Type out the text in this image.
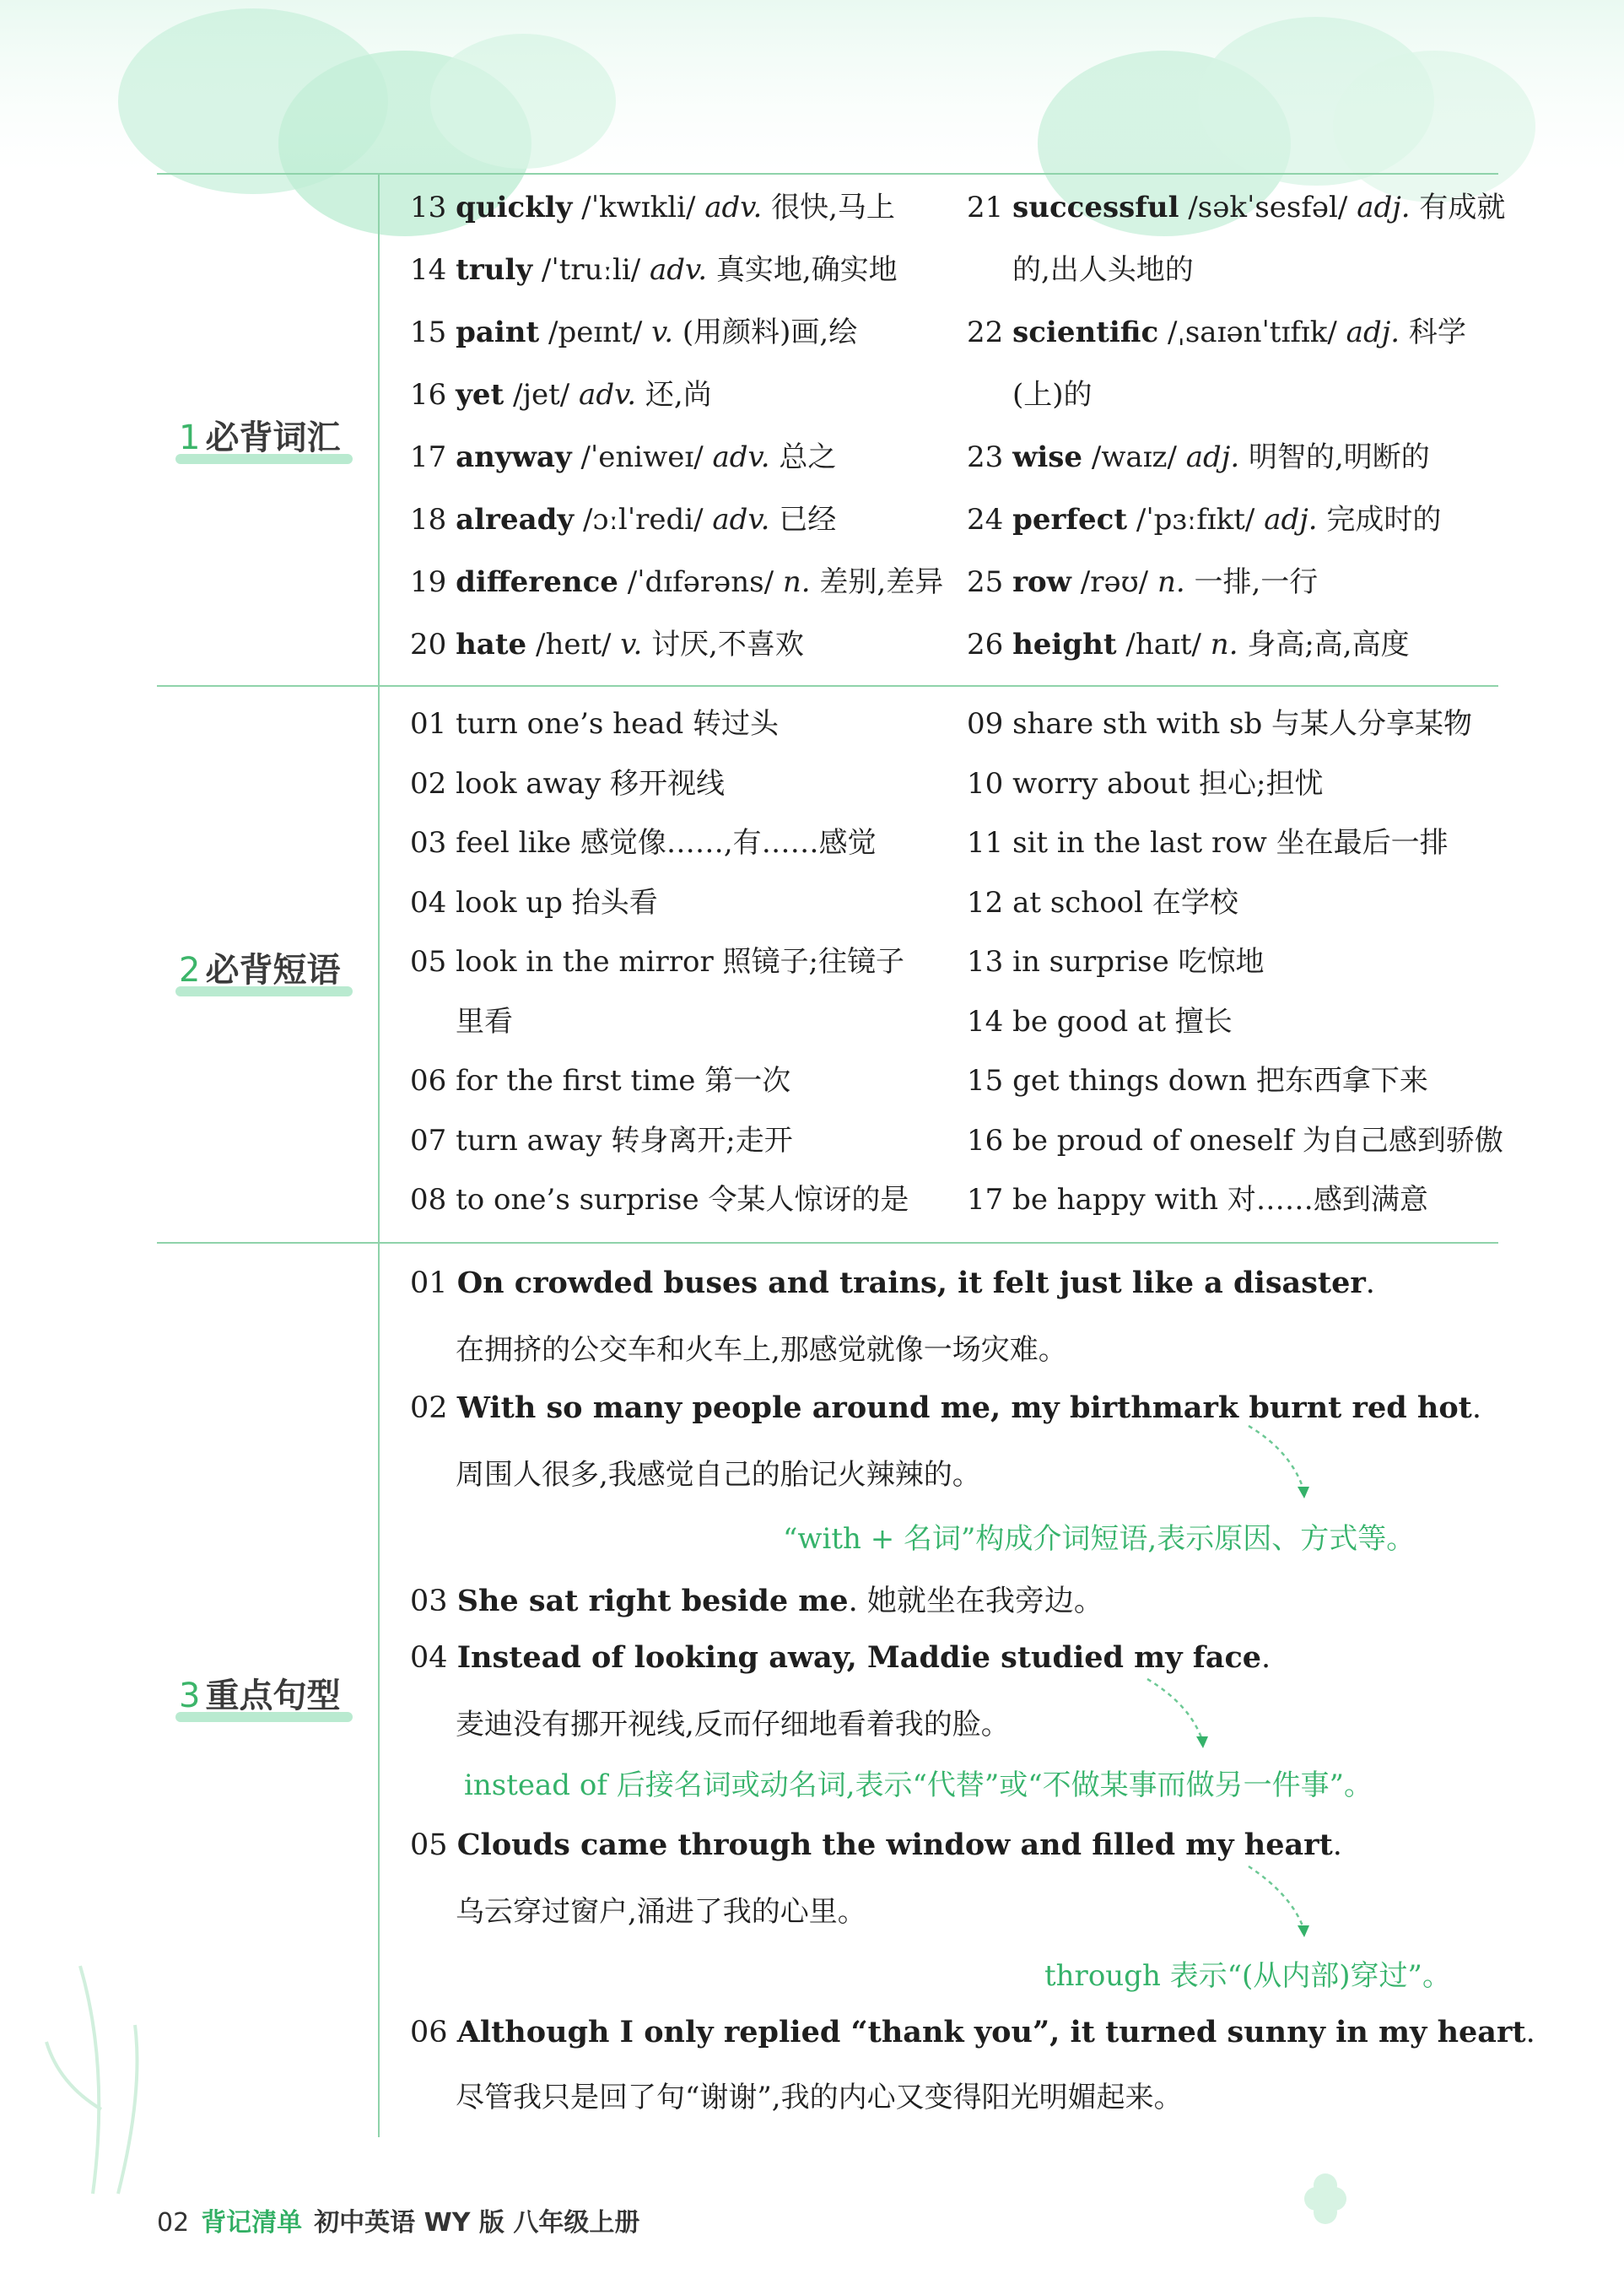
1 必背词汇
13 quickly /ˈkwɪkli/ adv. 很快,马上
14 truly /ˈtruːli/ adv. 真实地,确实地
15 paint /peɪnt/ v. (用颜料)画,绘
16 yet /jet/ adv. 还,尚
17 anyway /ˈeniweɪ/ adv. 总之
18 already /ɔːlˈredi/ adv. 已经
19 difference /ˈdɪfərəns/ n. 差别,差异
20 hate /heɪt/ v. 讨厌,不喜欢
21 successful /səkˈsesfəl/ adj. 有成就
的,出人头地的
22 scientific /ˌsaɪənˈtɪfɪk/ adj. 科学
(上)的
23 wise /waɪz/ adj. 明智的,明断的
24 perfect /ˈpɜːfɪkt/ adj. 完成时的
25 row /rəʊ/ n. 一排,一行
26 height /haɪt/ n. 身高;高,高度
2 必背短语
01 turn one’s head 转过头
02 look away 移开视线
03 feel like 感觉像……,有……感觉
04 look up 抬头看
05 look in the mirror 照镜子;往镜子
里看
06 for the first time 第一次
07 turn away 转身离开;走开
08 to one’s surprise 令某人惊讶的是
09 share sth with sb 与某人分享某物
10 worry about 担心;担忧
11 sit in the last row 坐在最后一排
12 at school 在学校
13 in surprise 吃惊地
14 be good at 擅长
15 get things down 把东西拿下来
16 be proud of oneself 为自己感到骄傲
17 be happy with 对……感到满意
3 重点句型
01 On crowded buses and trains, it felt just like a disaster.
在拥挤的公交车和火车上,那感觉就像一场灾难。
02 With so many people around me, my birthmark burnt red hot.
周围人很多,我感觉自己的胎记火辣辣的。
“with + 名词”构成介词短语,表示原因、方式等。
03 She sat right beside me. 她就坐在我旁边。
04 Instead of looking away, Maddie studied my face.
麦迪没有挪开视线,反而仔细地看着我的脸。
instead of 后接名词或动名词,表示“代替”或“不做某事而做另一件事”。
05 Clouds came through the window and filled my heart.
乌云穿过窗户,涌进了我的心里。
through 表示“(从内部)穿过”。
06 Although I only replied “thank you”, it turned sunny in my heart.
尽管我只是回了句“谢谢”,我的内心又变得阳光明媚起来。
02 背记清单 初中英语 WY 版 八年级上册
